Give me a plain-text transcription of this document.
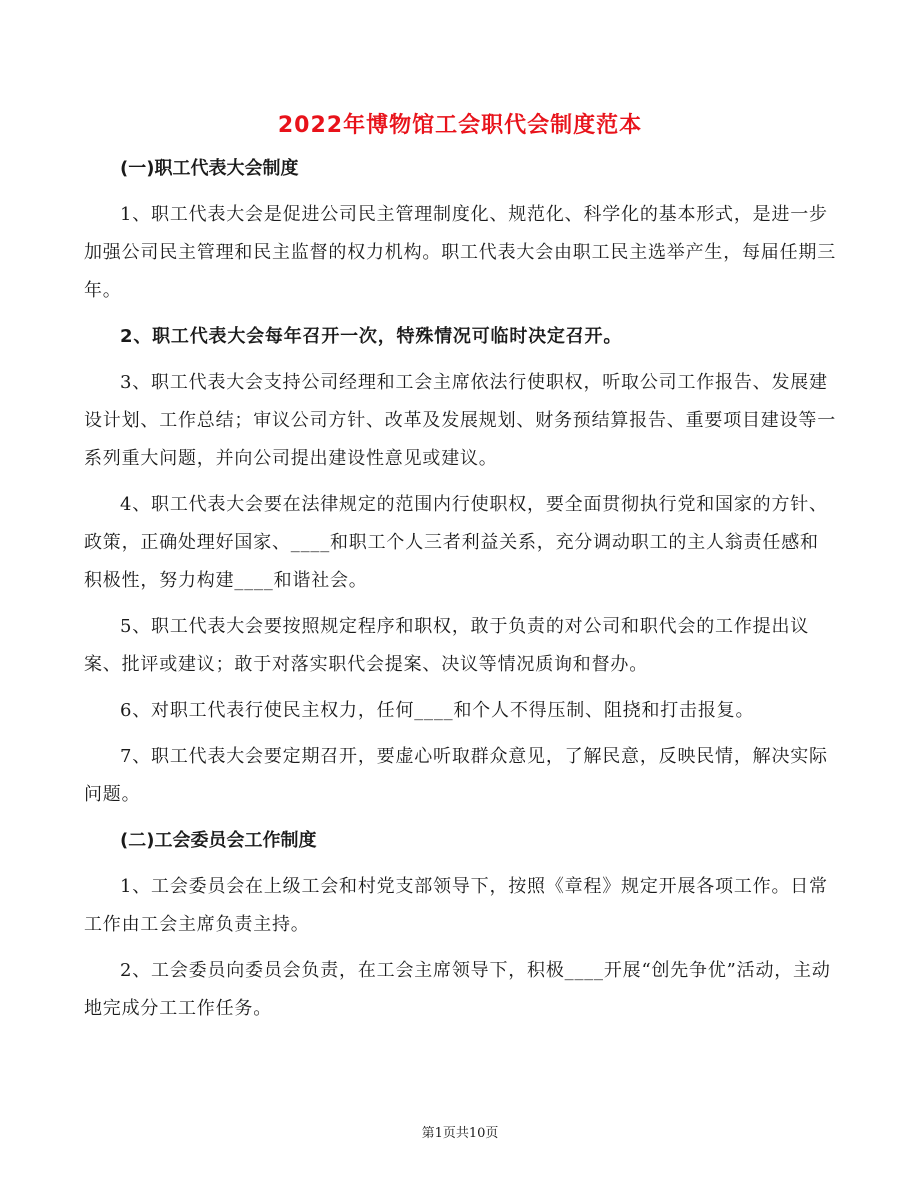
2022年博物馆工会职代会制度范本

(一)职工代表大会制度

1、职工代表大会是促进公司民主管理制度化、规范化、科学化的基本形式，是进一步加强公司民主管理和民主监督的权力机构。职工代表大会由职工民主选举产生，每届任期三年。

2、职工代表大会每年召开一次，特殊情况可临时决定召开。

3、职工代表大会支持公司经理和工会主席依法行使职权，听取公司工作报告、发展建设计划、工作总结；审议公司方针、改革及发展规划、财务预结算报告、重要项目建设等一系列重大问题，并向公司提出建设性意见或建议。

4、职工代表大会要在法律规定的范围内行使职权，要全面贯彻执行党和国家的方针、政策，正确处理好国家、____和职工个人三者利益关系，充分调动职工的主人翁责任感和积极性，努力构建____和谐社会。

5、职工代表大会要按照规定程序和职权，敢于负责的对公司和职代会的工作提出议案、批评或建议；敢于对落实职代会提案、决议等情况质询和督办。

6、对职工代表行使民主权力，任何____和个人不得压制、阻挠和打击报复。

7、职工代表大会要定期召开，要虚心听取群众意见，了解民意，反映民情，解决实际问题。

(二)工会委员会工作制度

1、工会委员会在上级工会和村党支部领导下，按照《章程》规定开展各项工作。日常工作由工会主席负责主持。

2、工会委员向委员会负责，在工会主席领导下，积极____开展“创先争优”活动，主动地完成分工工作任务。

第1页共10页
